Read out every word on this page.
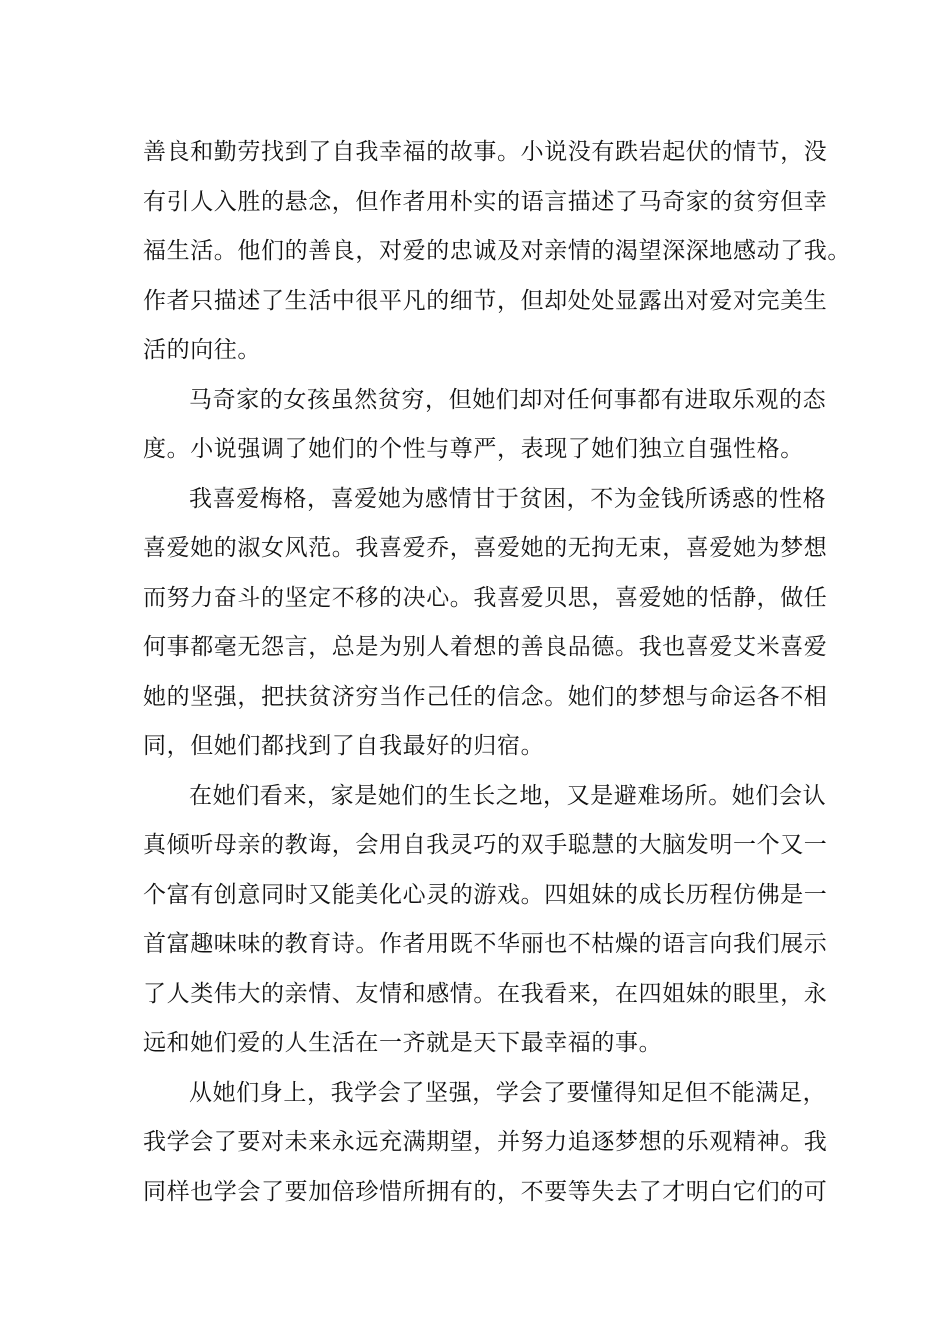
善良和勤劳找到了自我幸福的故事。小说没有跌岩起伏的情节，没
有引人入胜的悬念，但作者用朴实的语言描述了马奇家的贫穷但幸
福生活。他们的善良，对爱的忠诚及对亲情的渴望深深地感动了我。
作者只描述了生活中很平凡的细节，但却处处显露出对爱对完美生
活的向往。
马奇家的女孩虽然贫穷，但她们却对任何事都有进取乐观的态
度。小说强调了她们的个性与尊严，表现了她们独立自强性格。
我喜爱梅格，喜爱她为感情甘于贫困，不为金钱所诱惑的性格
喜爱她的淑女风范。我喜爱乔，喜爱她的无拘无束，喜爱她为梦想
而努力奋斗的坚定不移的决心。我喜爱贝思，喜爱她的恬静，做任
何事都毫无怨言，总是为别人着想的善良品德。我也喜爱艾米喜爱
她的坚强，把扶贫济穷当作己任的信念。她们的梦想与命运各不相
同，但她们都找到了自我最好的归宿。
在她们看来，家是她们的生长之地，又是避难场所。她们会认
真倾听母亲的教诲，会用自我灵巧的双手聪慧的大脑发明一个又一
个富有创意同时又能美化心灵的游戏。四姐妹的成长历程仿佛是一
首富趣味味的教育诗。作者用既不华丽也不枯燥的语言向我们展示
了人类伟大的亲情、友情和感情。在我看来，在四姐妹的眼里，永
远和她们爱的人生活在一齐就是天下最幸福的事。
从她们身上，我学会了坚强，学会了要懂得知足但不能满足，
我学会了要对未来永远充满期望，并努力追逐梦想的乐观精神。我
同样也学会了要加倍珍惜所拥有的，不要等失去了才明白它们的可
